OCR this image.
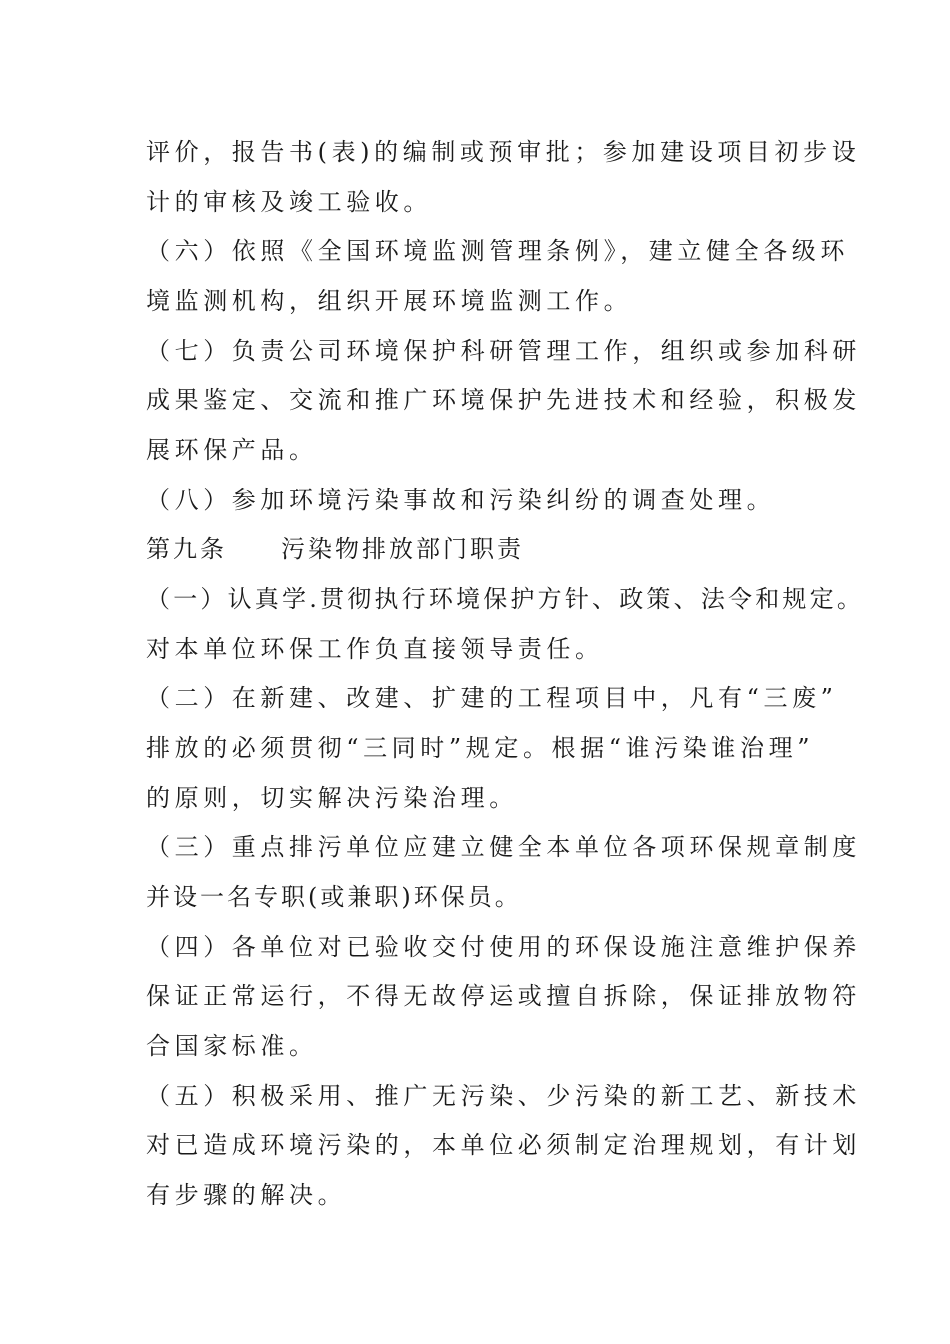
评价，报告书(表)的编制或预审批；参加建设项目初步设
计的审核及竣工验收。
（六）依照《全国环境监测管理条例》，建立健全各级环
境监测机构，组织开展环境监测工作。
（七）负责公司环境保护科研管理工作，组织或参加科研
成果鉴定、交流和推广环境保护先进技术和经验，积极发
展环保产品。
（八）参加环境污染事故和污染纠纷的调查处理。
第九条　　污染物排放部门职责
（一）认真学.贯彻执行环境保护方针、政策、法令和规定。
对本单位环保工作负直接领导责任。
（二）在新建、改建、扩建的工程项目中，凡有“三废”
排放的必须贯彻“三同时”规定。根据“谁污染谁治理”
的原则，切实解决污染治理。
（三）重点排污单位应建立健全本单位各项环保规章制度
并设一名专职(或兼职)环保员。
（四）各单位对已验收交付使用的环保设施注意维护保养
保证正常运行，不得无故停运或擅自拆除，保证排放物符
合国家标准。
（五）积极采用、推广无污染、少污染的新工艺、新技术
对已造成环境污染的，本单位必须制定治理规划，有计划
有步骤的解决。
